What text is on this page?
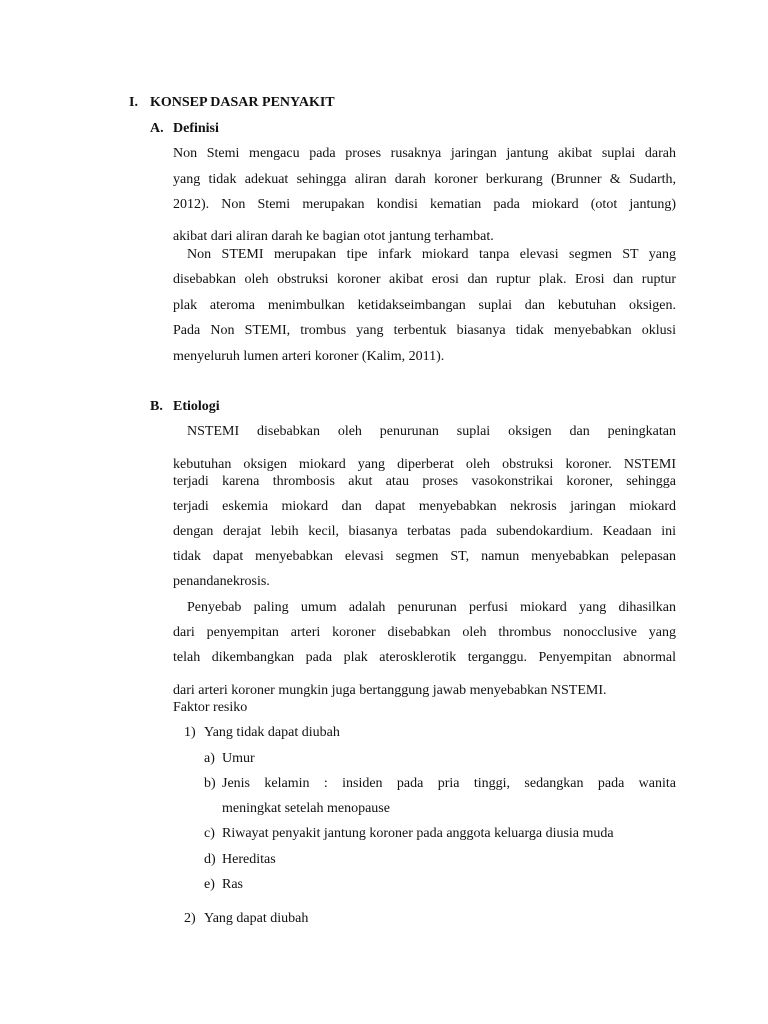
I. KONSEP DASAR PENYAKIT
A. Definisi
Non Stemi mengacu pada proses rusaknya jaringan jantung akibat suplai darah
yang tidak adekuat sehingga aliran darah koroner berkurang (Brunner & Sudarth,
2012). Non Stemi merupakan kondisi kematian pada miokard (otot jantung)
akibat dari aliran darah ke bagian otot jantung terhambat.
Non STEMI merupakan tipe infark miokard tanpa elevasi segmen ST yang
disebabkan oleh obstruksi koroner akibat erosi dan ruptur plak. Erosi dan ruptur
plak ateroma menimbulkan ketidakseimbangan suplai dan kebutuhan oksigen.
Pada Non STEMI, trombus yang terbentuk biasanya tidak menyebabkan oklusi
menyeluruh lumen arteri koroner (Kalim, 2011).
B. Etiologi
NSTEMI disebabkan oleh penurunan suplai oksigen dan peningkatan
kebutuhan oksigen miokard yang diperberat oleh obstruksi koroner. NSTEMI
terjadi karena thrombosis akut atau proses vasokonstrikai koroner, sehingga
terjadi eskemia miokard dan dapat menyebabkan nekrosis jaringan miokard
dengan derajat lebih kecil, biasanya terbatas pada subendokardium. Keadaan ini
tidak dapat menyebabkan elevasi segmen ST, namun menyebabkan pelepasan
penandanekrosis.
Penyebab paling umum adalah penurunan perfusi miokard yang dihasilkan
dari penyempitan arteri koroner disebabkan oleh thrombus nonocclusive yang
telah dikembangkan pada plak aterosklerotik terganggu. Penyempitan abnormal
dari arteri koroner mungkin juga bertanggung jawab menyebabkan NSTEMI.
Faktor resiko
1) Yang tidak dapat diubah
a) Umur
b) Jenis kelamin : insiden pada pria tinggi, sedangkan pada wanita
meningkat setelah menopause
c) Riwayat penyakit jantung koroner pada anggota keluarga diusia muda
d) Hereditas
e) Ras
2) Yang dapat diubah
